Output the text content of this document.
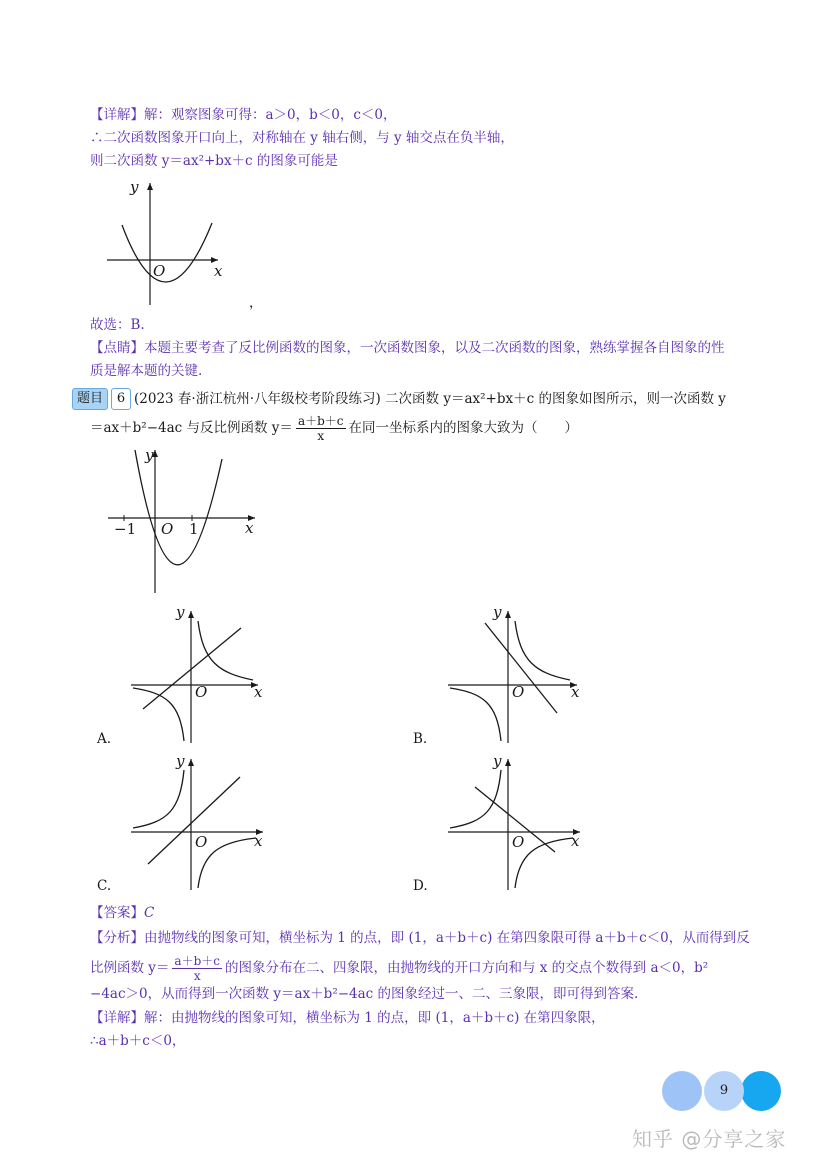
【详解】解：观察图象可得：a＞0，b＜0，c＜0，
∴二次函数图象开口向上，对称轴在 y 轴右侧，与 y 轴交点在负半轴，
则二次函数 y＝ax²+bx＋c 的图象可能是
y
x
O
，
故选：B.
【点睛】本题主要考查了反比例函数的图象，一次函数图象，以及二次函数的图象，熟练掌握各自图象的性
质是解本题的关键.
题目	6 (2023 春·浙江杭州·八年级校考阶段练习) 二次函数 y＝ax²+bx＋c 的图象如图所示，则一次函数 y
＝ax＋b²−4ac 与反比例函数 $y= \frac{a+b+c}{x}$ 在同一坐标系内的图象大致为（　　）
y
x
O
−1	1
y
x
O
A.
y
x
O
B.
y
x
O
C.
y
x
O
D.
【答案】C
【分析】由抛物线的图象可知，横坐标为 1 的点，即 (1，a＋b＋c) 在第四象限可得 a＋b＋c＜0，从而得到反
比例函数 $y= \frac{a+b+c}{x}$ 的图象分布在二、四象限，由抛物线的开口方向和与 x 的交点个数得到 a＜0，b²
−4ac＞0，从而得到一次函数 y＝ax＋b²−4ac 的图象经过一、二、三象限，即可得到答案.
【详解】解：由抛物线的图象可知，横坐标为 1 的点，即 (1，a＋b＋c) 在第四象限，
∴a＋b＋c＜0，
9
知乎 @分享之家
